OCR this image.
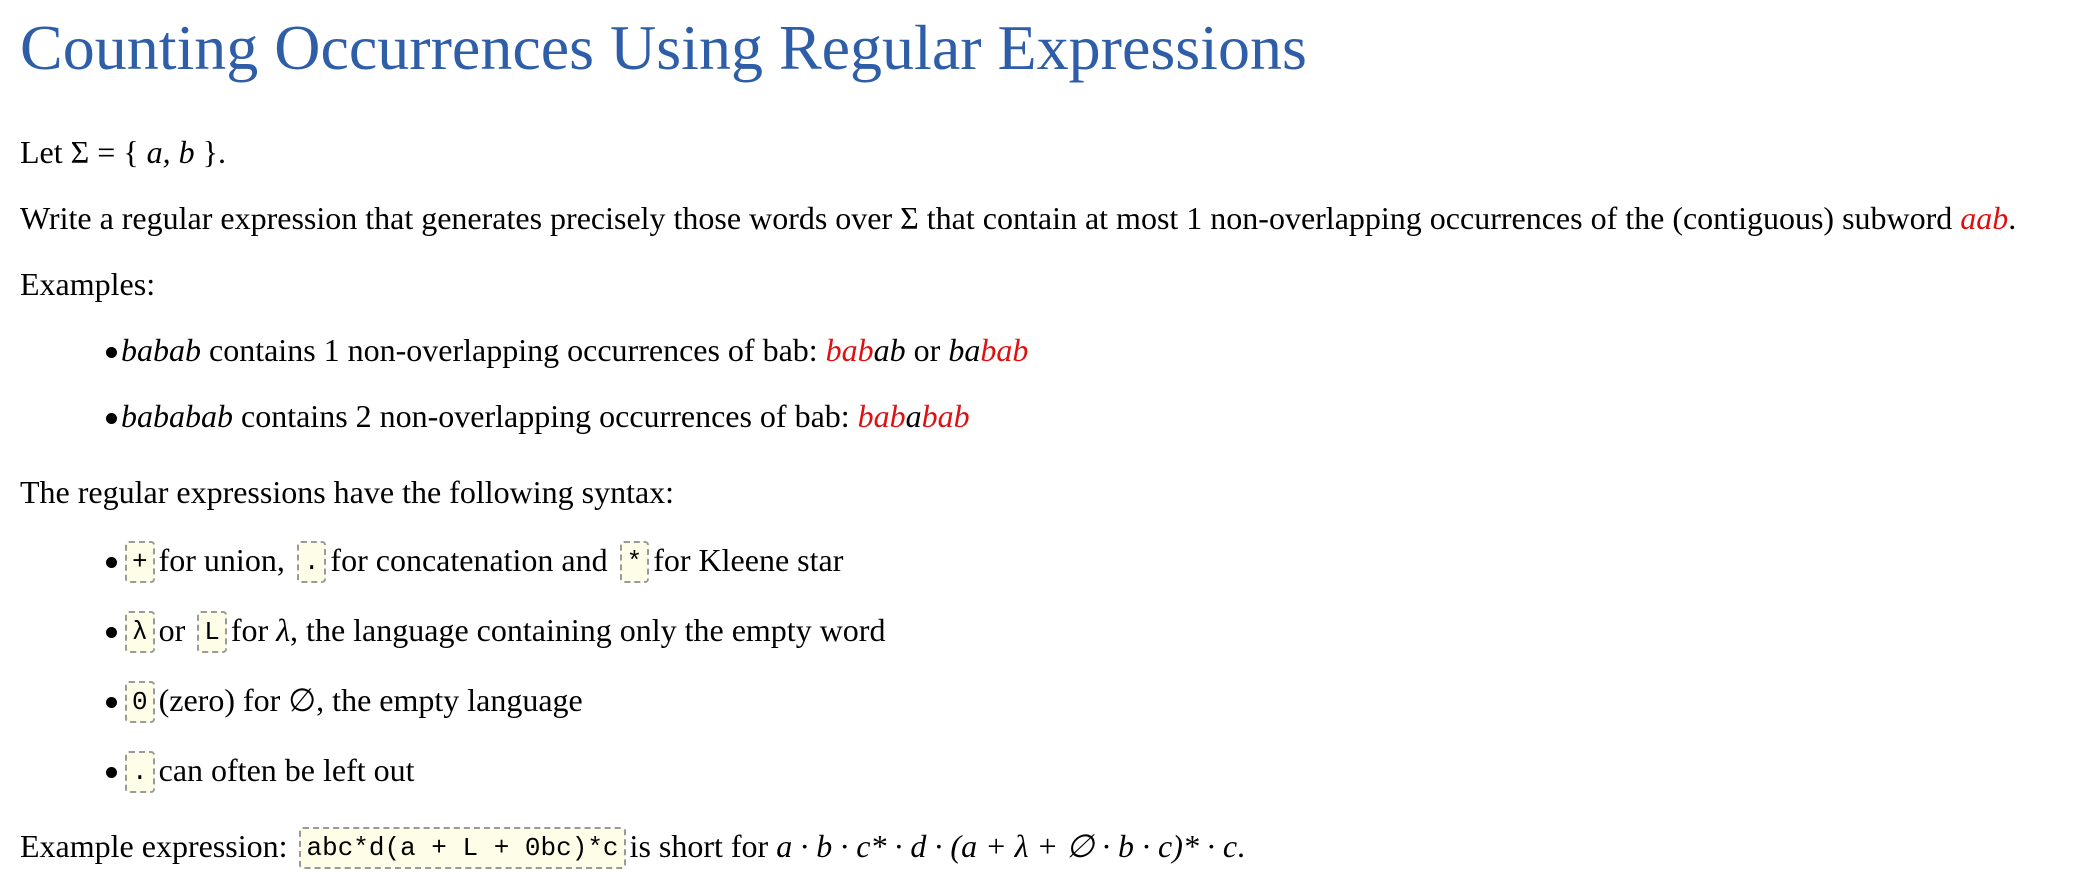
Counting Occurrences Using Regular Expressions

Let Σ = { a, b }.

Write a regular expression that generates precisely those words over Σ that contain at most 1 non-overlapping occurrences of the (contiguous) subword aab.

Examples:

babab contains 1 non-overlapping occurrences of bab: babab or babab
bababab contains 2 non-overlapping occurrences of bab: bababab

The regular expressions have the following syntax:

+ for union, . for concatenation and * for Kleene star
λ or L for λ, the language containing only the empty word
0 (zero) for ∅, the empty language
. can often be left out

Example expression: abc*d(a + L + 0bc)*c is short for a · b · c* · d · (a + λ + ∅ · b · c)* · c.
